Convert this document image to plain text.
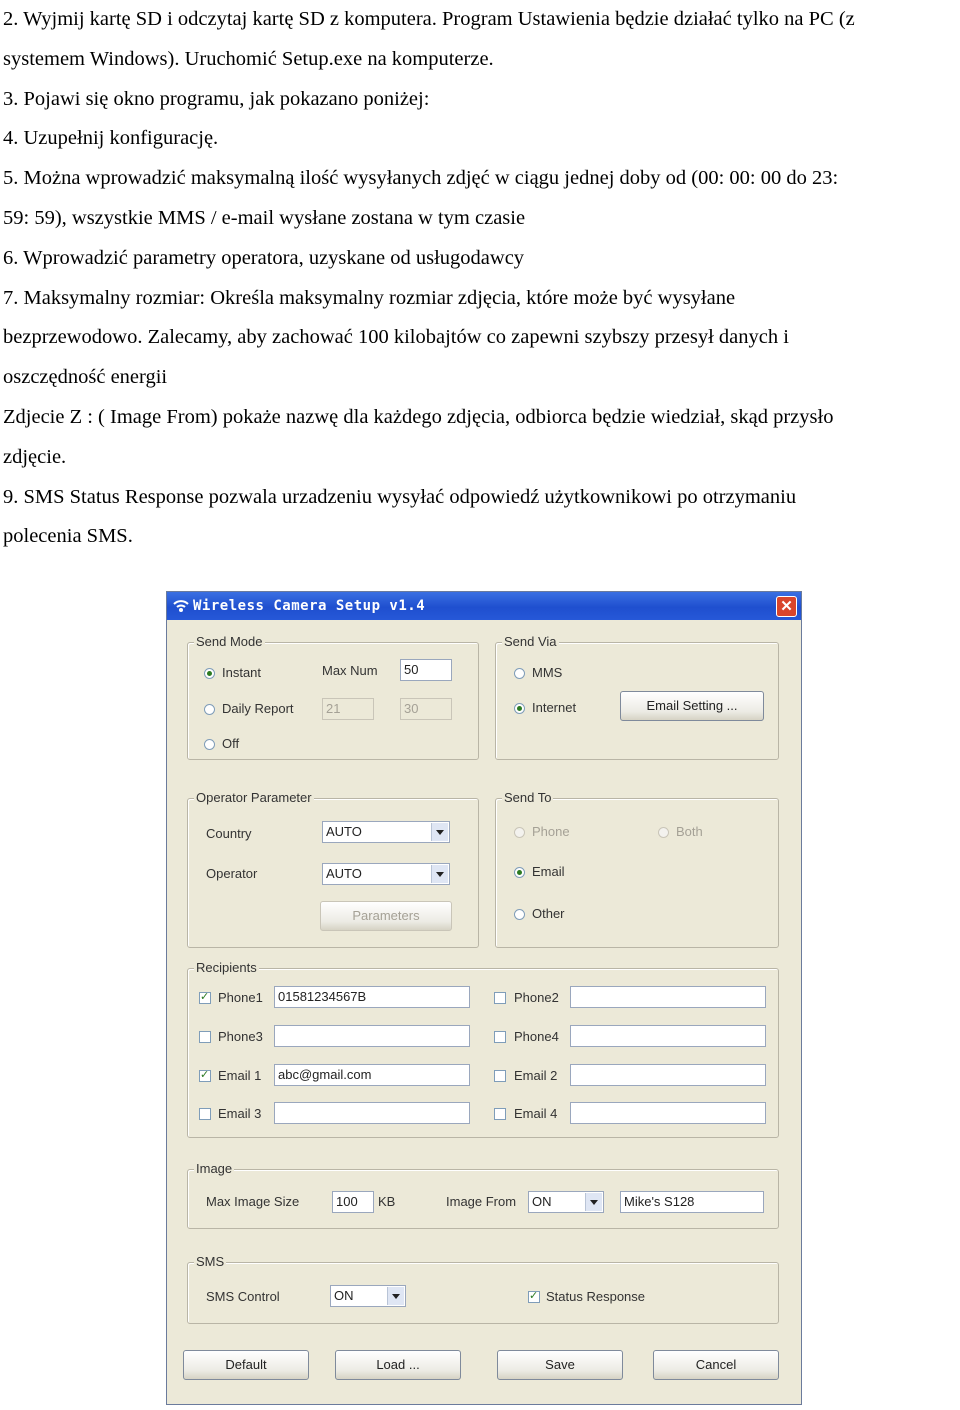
2. Wyjmij kartę SD i odczytaj kartę SD z komputera. Program Ustawienia będzie działać tylko na PC (z

systemem Windows). Uruchomić Setup.exe na komputerze.

3. Pojawi się okno programu, jak pokazano poniżej:

4. Uzupełnij konfigurację.

5. Można wprowadzić maksymalną ilość wysyłanych zdjęć w ciągu jednej doby od (00: 00: 00 do 23:

59: 59), wszystkie MMS / e-mail wysłane zostana w tym czasie

6. Wprowadzić parametry operatora, uzyskane od usługodawcy

7. Maksymalny rozmiar: Określa maksymalny rozmiar zdjęcia, które może być wysyłane

bezprzewodowo. Zalecamy, aby zachować 100 kilobajtów co zapewni szybszy przesył danych i

oszczędność energii

Zdjecie Z : ( Image From) pokaże nazwę dla każdego zdjęcia, odbiorca będzie wiedział, skąd przysło

zdjęcie.

9. SMS Status Response pozwala urzadzeniu wysyłać odpowiedź użytkownikowi po otrzymaniu

polecenia SMS.

Wireless Camera Setup v1.4	✕
Send Mode
Instant	Max Num	50
Daily Report	21	30
Off
Send Via
MMS
Internet	Email Setting ...
Operator Parameter
Country	AUTO
Operator	AUTO
Parameters
Send To
Phone	Both
Email
Other
Recipients
✓
Phone1	01581234567B	Phone2
Phone3	Phone4
✓
Email 1	abc@gmail.com	Email 2
Email 3	Email 4
Image
Max Image Size	100	KB	Image From ON	Mike's S128
SMS
SMS Control	ON
✓	Status Response
Default	Load ...	Save	Cancel
